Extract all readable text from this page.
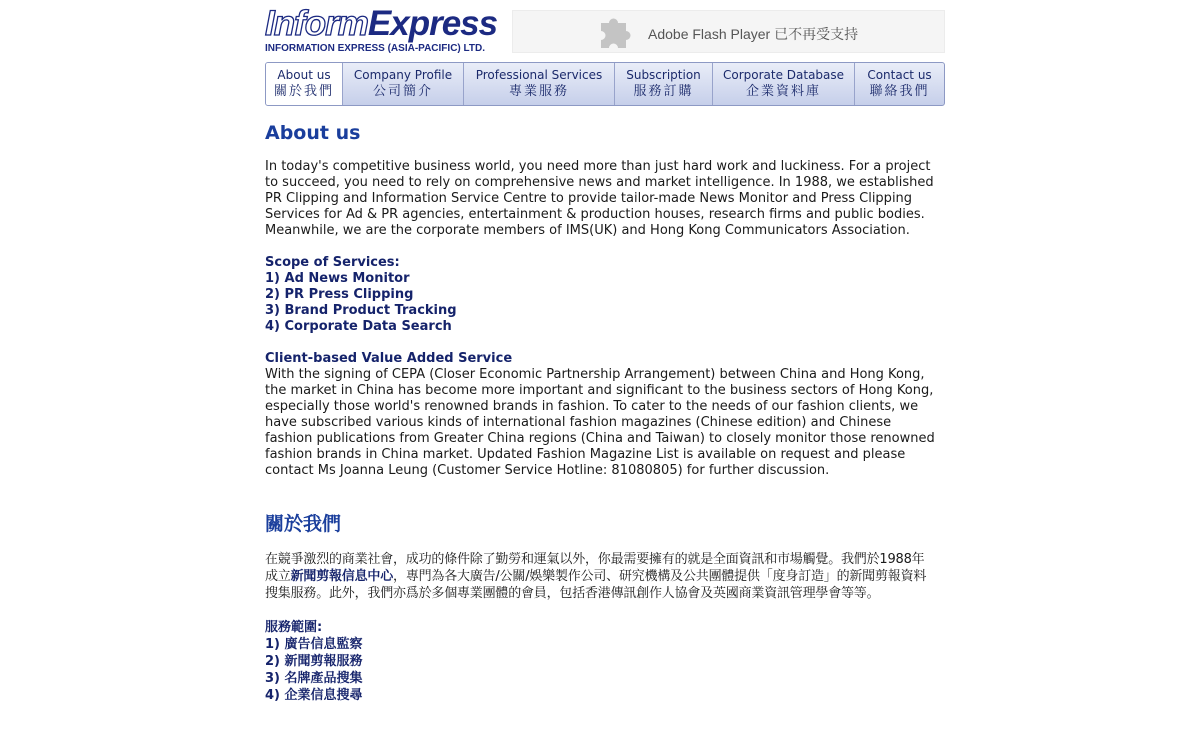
InformExpress
INFORMATION EXPRESS (ASIA-PACIFIC) LTD.
Adobe Flash Player 已不再受支持
About us
關於我們
Company Profile
公司簡介
Professional Services
專業服務
Subscription
服務訂購
Corporate Database
企業資料庫
Contact us
聯絡我們
About us

In today's competitive business world, you need more than just hard work and luckiness. For a project to succeed, you need to rely on comprehensive news and market intelligence. In 1988, we established PR Clipping and Information Service Centre to provide tailor-made News Monitor and Press Clipping Services for Ad & PR agencies, entertainment & production houses, research firms and public bodies. Meanwhile, we are the corporate members of IMS(UK) and Hong Kong Communicators Association.

Scope of Services:
1) Ad News Monitor
2) PR Press Clipping
3) Brand Product Tracking
4) Corporate Data Search
Client-based Value Added Service

With the signing of CEPA (Closer Economic Partnership Arrangement) between China and Hong Kong, the market in China has become more important and significant to the business sectors of Hong Kong, especially those world's renowned brands in fashion. To cater to the needs of our fashion clients, we have subscribed various kinds of international fashion magazines (Chinese edition) and Chinese fashion publications from Greater China regions (China and Taiwan) to closely monitor those renowned fashion brands in China market. Updated Fashion Magazine List is available on request and please contact Ms Joanna Leung (Customer Service Hotline: 81080805) for further discussion.

關於我們

在競爭激烈的商業社會，成功的條件除了勤勞和運氣以外，你最需要擁有的就是全面資訊和市場觸覺。我們於1988年成立新聞剪報信息中心，專門為各大廣告/公關/娛樂製作公司、研究機構及公共團體提供「度身訂造」的新聞剪報資料搜集服務。此外，我們亦爲於多個專業團體的會員，包括香港傳訊創作人協會及英國商業資訊管理學會等等。

服務範圍:
1) 廣告信息監察
2) 新聞剪報服務
3) 名牌產品搜集
4) 企業信息搜尋
